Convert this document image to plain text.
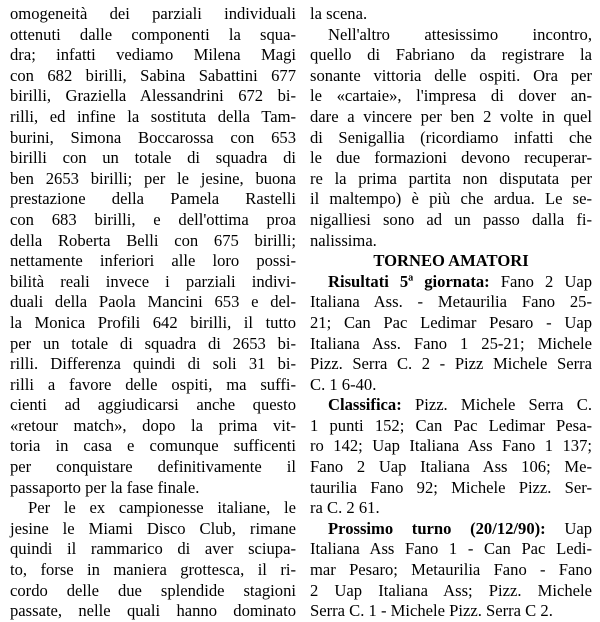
omogeneità dei parziali individuali
ottenuti dalle componenti la squa-
dra; infatti vediamo Milena Magi
con 682 birilli, Sabina Sabattini 677
birilli, Graziella Alessandrini 672 bi-
rilli, ed infine la sostituta della Tam-
burini, Simona Boccarossa con 653
birilli con un totale di squadra di
ben 2653 birilli; per le jesine, buona
prestazione della Pamela Rastelli
con 683 birilli, e dell'ottima proa
della Roberta Belli con 675 birilli;
nettamente inferiori alle loro possi-
bilità reali invece i parziali indivi-
duali della Paola Mancini 653 e del-
la Monica Profili 642 birilli, il tutto
per un totale di squadra di 2653 bi-
rilli. Differenza quindi di soli 31 bi-
rilli a favore delle ospiti, ma suffi-
cienti ad aggiudicarsi anche questo
«retour match», dopo la prima vit-
toria in casa e comunque sufficenti
per conquistare definitivamente il
passaporto per la fase finale.
Per le ex campionesse italiane, le
jesine le Miami Disco Club, rimane
quindi il rammarico di aver sciupa-
to, forse in maniera grottesca, il ri-
cordo delle due splendide stagioni
passate, nelle quali hanno dominato
la scena.
Nell'altro attesissimo incontro,
quello di Fabriano da registrare la
sonante vittoria delle ospiti. Ora per
le «cartaie», l'impresa di dover an-
dare a vincere per ben 2 volte in quel
di Senigallia (ricordiamo infatti che
le due formazioni devono recuperar-
re la prima partita non disputata per
il maltempo) è più che ardua. Le se-
nigalliesi sono ad un passo dalla fi-
nalissima.
TORNEO AMATORI
Risultati 5ª giornata: Fano 2 Uap
Italiana Ass. - Metaurilia Fano 25-
21; Can Pac Ledimar Pesaro - Uap
Italiana Ass. Fano 1 25-21; Michele
Pizz. Serra C. 2 - Pizz Michele Serra
C. 1 6-40.
Classifica: Pizz. Michele Serra C.
1 punti 152; Can Pac Ledimar Pesa-
ro 142; Uap Italiana Ass Fano 1 137;
Fano 2 Uap Italiana Ass 106; Me-
taurilia Fano 92; Michele Pizz. Ser-
ra C. 2 61.
Prossimo turno (20/12/90): Uap
Italiana Ass Fano 1 - Can Pac Ledi-
mar Pesaro; Metaurilia Fano - Fano
2 Uap Italiana Ass; Pizz. Michele
Serra C. 1 - Michele Pizz. Serra C 2.
